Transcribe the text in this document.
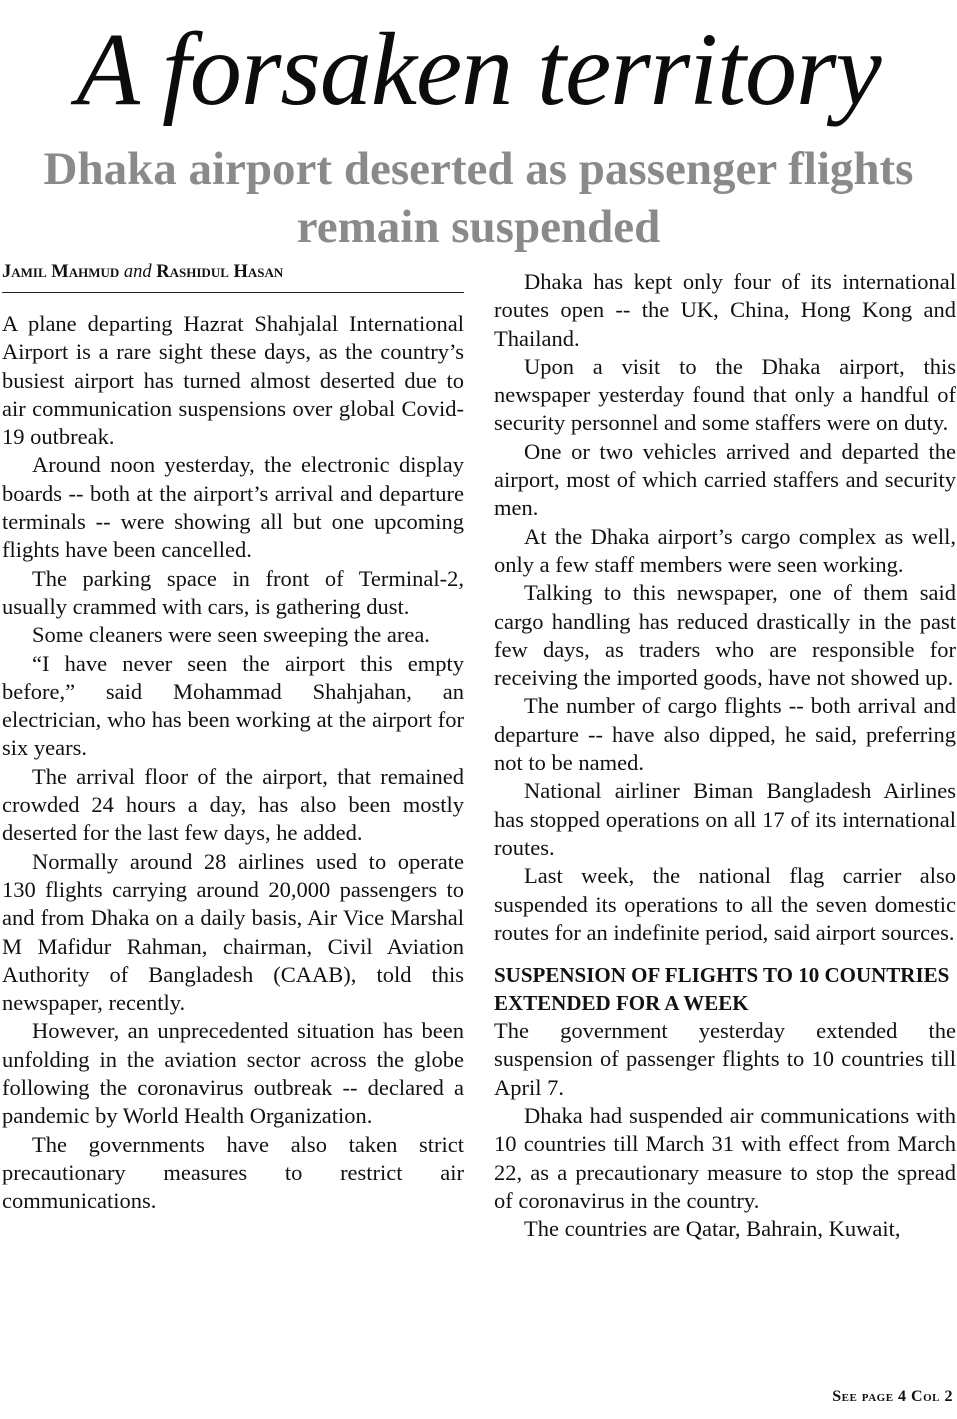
A forsaken territory
Dhaka airport deserted as passenger flights remain suspended
Jamil Mahmud and Rashidul Hasan

A plane departing Hazrat Shahjalal International Airport is a rare sight these days, as the country’s busiest airport has turned almost deserted due to air communication suspensions over global Covid-19 outbreak.

Around noon yesterday, the electronic display boards -- both at the airport’s arrival and departure terminals -- were showing all but one upcoming flights have been cancelled.

The parking space in front of Terminal-2, usually crammed with cars, is gathering dust.

Some cleaners were seen sweeping the area.

“I have never seen the airport this empty before,” said Mohammad Shahjahan, an electrician, who has been working at the airport for six years.

The arrival floor of the airport, that remained crowded 24 hours a day, has also been mostly deserted for the last few days, he added.

Normally around 28 airlines used to operate 130 flights carrying around 20,000 passengers to and from Dhaka on a daily basis, Air Vice Marshal M Mafidur Rahman, chairman, Civil Aviation Authority of Bangladesh (CAAB), told this newspaper, recently.

However, an unprecedented situation has been unfolding in the aviation sector across the globe following the coronavirus outbreak -- declared a pandemic by World Health Organization.

The governments have also taken strict precautionary measures to restrict air communications.

Dhaka has kept only four of its international routes open -- the UK, China, Hong Kong and Thailand.

Upon a visit to the Dhaka airport, this newspaper yesterday found that only a handful of security personnel and some staffers were on duty.

One or two vehicles arrived and departed the airport, most of which carried staffers and security men.

At the Dhaka airport’s cargo complex as well, only a few staff members were seen working.

Talking to this newspaper, one of them said cargo handling has reduced drastically in the past few days, as traders who are responsible for receiving the imported goods, have not showed up.

The number of cargo flights -- both arrival and departure -- have also dipped, he said, preferring not to be named.

National airliner Biman Bangladesh Airlines has stopped operations on all 17 of its international routes.

Last week, the national flag carrier also suspended its operations to all the seven domestic routes for an indefinite period, said airport sources.

SUSPENSION OF FLIGHTS TO 10 COUNTRIES EXTENDED FOR A WEEK

The government yesterday extended the suspension of passenger flights to 10 countries till April 7.

Dhaka had suspended air communications with 10 countries till March 31 with effect from March 22, as a precautionary measure to stop the spread of coronavirus in the country.

The countries are Qatar, Bahrain, Kuwait,

See page 4 Col 2
